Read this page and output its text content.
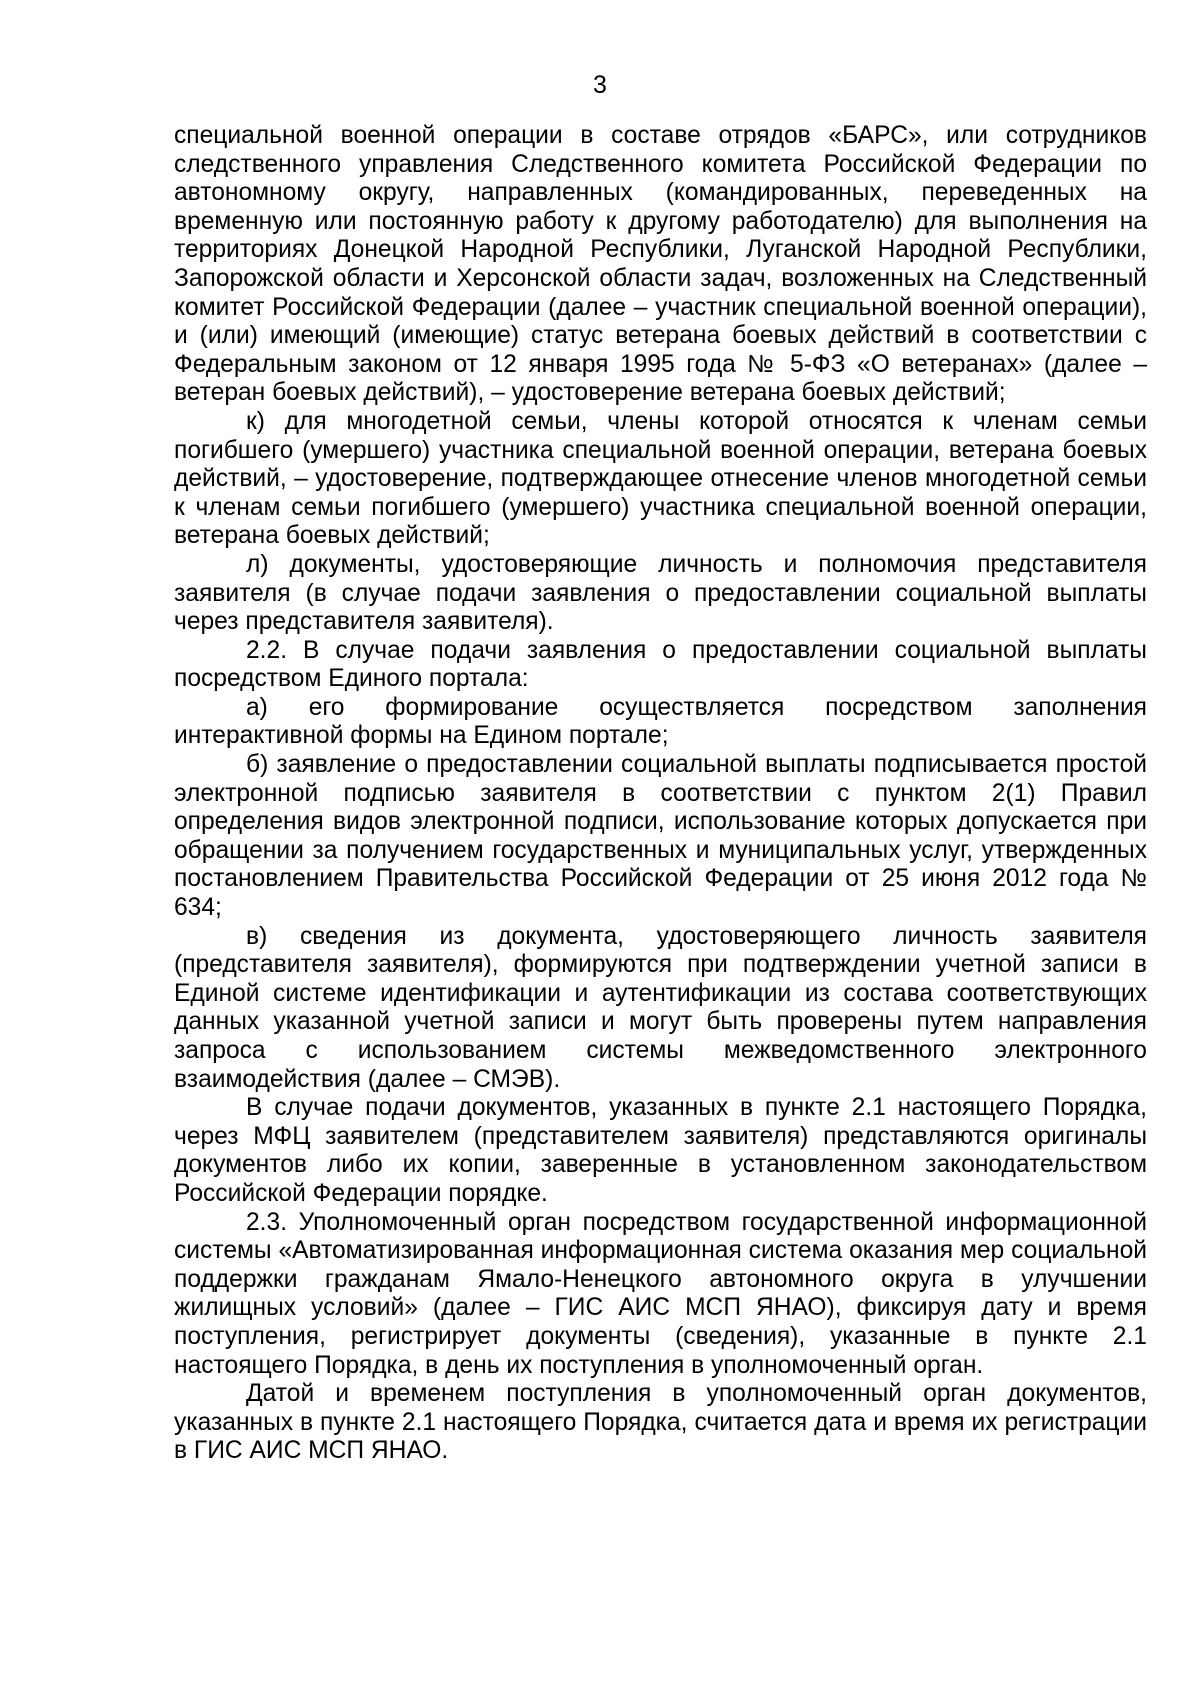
3

специальной военной операции в составе отрядов «БАРС», или сотрудников следственного управления Следственного комитета Российской Федерации по автономному округу, направленных (командированных, переведенных на временную или постоянную работу к другому работодателю) для выполнения на территориях Донецкой Народной Республики, Луганской Народной Республики, Запорожской области и Херсонской области задач, возложенных на Следственный комитет Российской Федерации (далее – участник специальной военной операции), и (или) имеющий (имеющие) статус ветерана боевых действий в соответствии с Федеральным законом от 12 января 1995 года № 5-ФЗ «О ветеранах» (далее – ветеран боевых действий), – удостоверение ветерана боевых действий;

к) для многодетной семьи, члены которой относятся к членам семьи погибшего (умершего) участника специальной военной операции, ветерана боевых действий, – удостоверение, подтверждающее отнесение членов многодетной семьи к членам семьи погибшего (умершего) участника специальной военной операции, ветерана боевых действий;

л) документы, удостоверяющие личность и полномочия представителя заявителя (в случае подачи заявления о предоставлении социальной выплаты через представителя заявителя).

2.2. В случае подачи заявления о предоставлении социальной выплаты посредством Единого портала:

а) его формирование осуществляется посредством заполнения интерактивной формы на Едином портале;

б) заявление о предоставлении социальной выплаты подписывается простой электронной подписью заявителя в соответствии с пунктом 2(1) Правил определения видов электронной подписи, использование которых допускается при обращении за получением государственных и муниципальных услуг, утвержденных постановлением Правительства Российской Федерации от 25 июня 2012 года № 634;

в) сведения из документа, удостоверяющего личность заявителя (представителя заявителя), формируются при подтверждении учетной записи в Единой системе идентификации и аутентификации из состава соответствующих данных указанной учетной записи и могут быть проверены путем направления запроса с использованием системы межведомственного электронного взаимодействия (далее – СМЭВ).

В случае подачи документов, указанных в пункте 2.1 настоящего Порядка, через МФЦ заявителем (представителем заявителя) представляются оригиналы документов либо их копии, заверенные в установленном законодательством Российской Федерации порядке.

2.3. Уполномоченный орган посредством государственной информационной системы «Автоматизированная информационная система оказания мер социальной поддержки гражданам Ямало-Ненецкого автономного округа в улучшении жилищных условий» (далее – ГИС АИС МСП ЯНАО), фиксируя дату и время поступления, регистрирует документы (сведения), указанные в пункте 2.1 настоящего Порядка, в день их поступления в уполномоченный орган.

Датой и временем поступления в уполномоченный орган документов, указанных в пункте 2.1 настоящего Порядка, считается дата и время их регистрации в ГИС АИС МСП ЯНАО.
